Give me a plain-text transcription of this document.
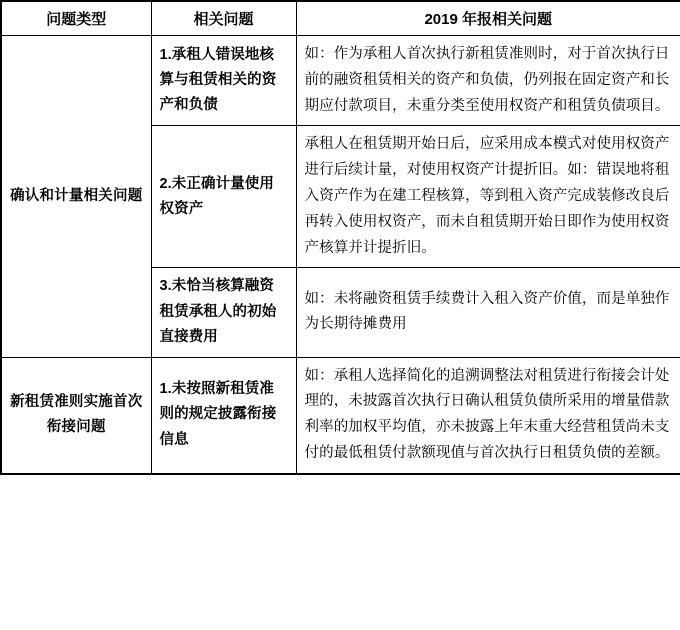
问题类型	相关问题	2019 年报相关问题
确认和计量相关问题	1.承租人错误地核算与租赁相关的资产和负债	如：作为承租人首次执行新租赁准则时，对于首次执行日前的融资租赁相关的资产和负债，仍列报在固定资产和长期应付款项目，未重分类至使用权资产和租赁负债项目。
	2.未正确计量使用权资产	承租人在租赁期开始日后，应采用成本模式对使用权资产进行后续计量，对使用权资产计提折旧。如：错误地将租入资产作为在建工程核算，等到租入资产完成装修改良后再转入使用权资产，而未自租赁期开始日即作为使用权资产核算并计提折旧。
	3.未恰当核算融资租赁承租人的初始直接费用	如：未将融资租赁手续费计入租入资产价值，而是单独作为长期待摊费用
新租赁准则实施首次衔接问题	1.未按照新租赁准则的规定披露衔接信息	如：承租人选择简化的追溯调整法对租赁进行衔接会计处理的，未披露首次执行日确认租赁负债所采用的增量借款利率的加权平均值，亦未披露上年末重大经营租赁尚未支付的最低租赁付款额现值与首次执行日租赁负债的差额。
